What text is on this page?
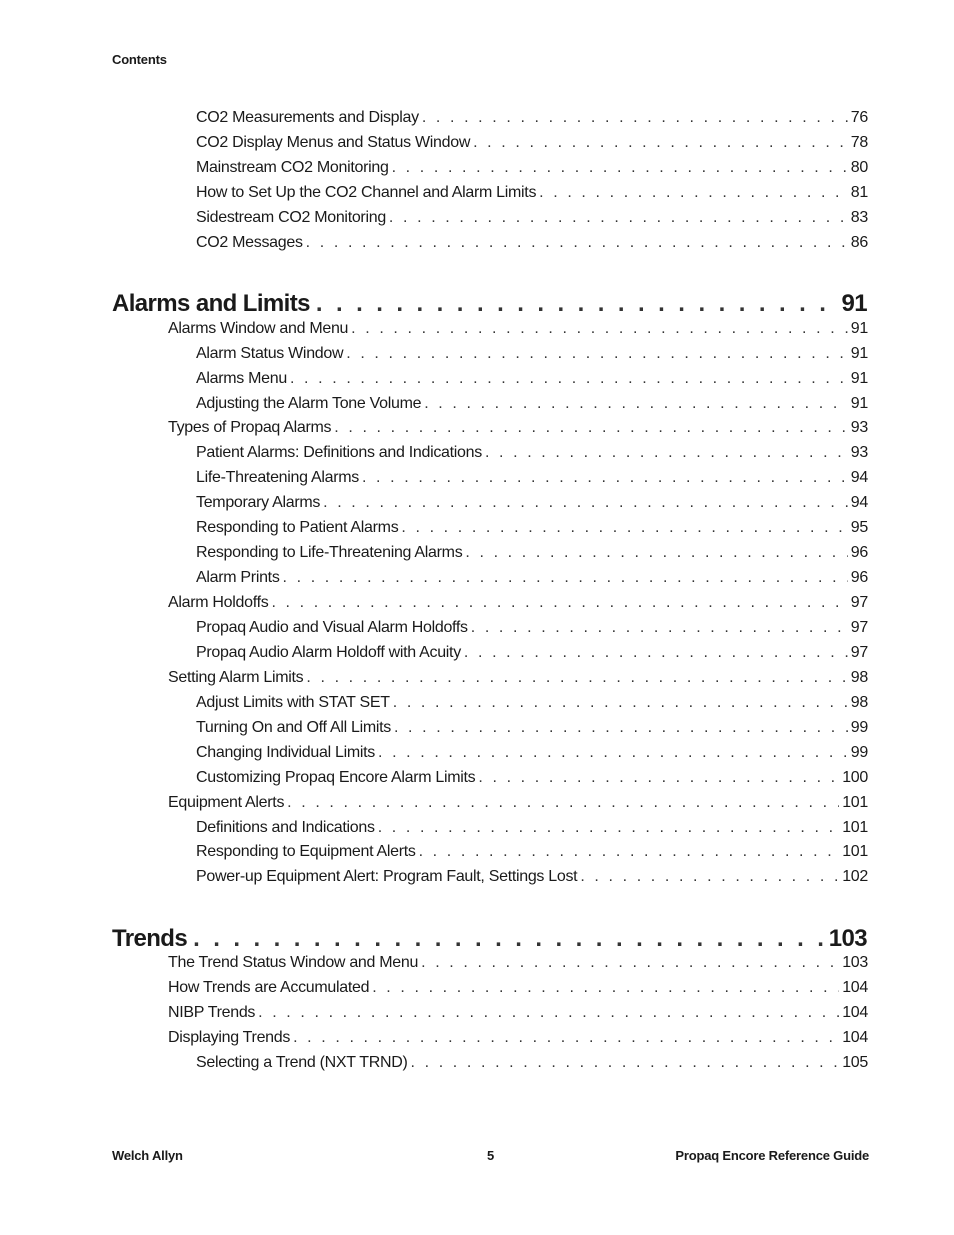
Contents
CO2 Measurements and Display . . .	76
CO2 Display Menus and Status Window . . .	78
Mainstream CO2 Monitoring . . .	80
How to Set Up the CO2 Channel and Alarm Limits . . .	81
Sidestream CO2 Monitoring . . .	83
CO2 Messages . . .	86
Alarms and Limits . . .	91
Alarms Window and Menu . . .	91
Alarm Status Window . . .	91
Alarms Menu . . .	91
Adjusting the Alarm Tone Volume . . .	91
Types of Propaq Alarms . . .	93
Patient Alarms: Definitions and Indications . . .	93
Life-Threatening Alarms . . .	94
Temporary Alarms . . .	94
Responding to Patient Alarms . . .	95
Responding to Life-Threatening Alarms . . .	96
Alarm Prints . . .	96
Alarm Holdoffs . . .	97
Propaq Audio and Visual Alarm Holdoffs . . .	97
Propaq Audio Alarm Holdoff with Acuity . . .	97
Setting Alarm Limits . . .	98
Adjust Limits with STAT SET . . .	98
Turning On and Off All Limits . . .	99
Changing Individual Limits . . .	99
Customizing Propaq Encore Alarm Limits . . .	100
Equipment Alerts . . .	101
Definitions and Indications . . .	101
Responding to Equipment Alerts . . .	101
Power-up Equipment Alert: Program Fault, Settings Lost . . .	102
Trends . . .	103
The Trend Status Window and Menu . . .	103
How Trends are Accumulated . . .	104
NIBP Trends . . .	104
Displaying Trends . . .	104
Selecting a Trend (NXT TRND) . . .	105
Welch Allyn	5	Propaq Encore Reference Guide
